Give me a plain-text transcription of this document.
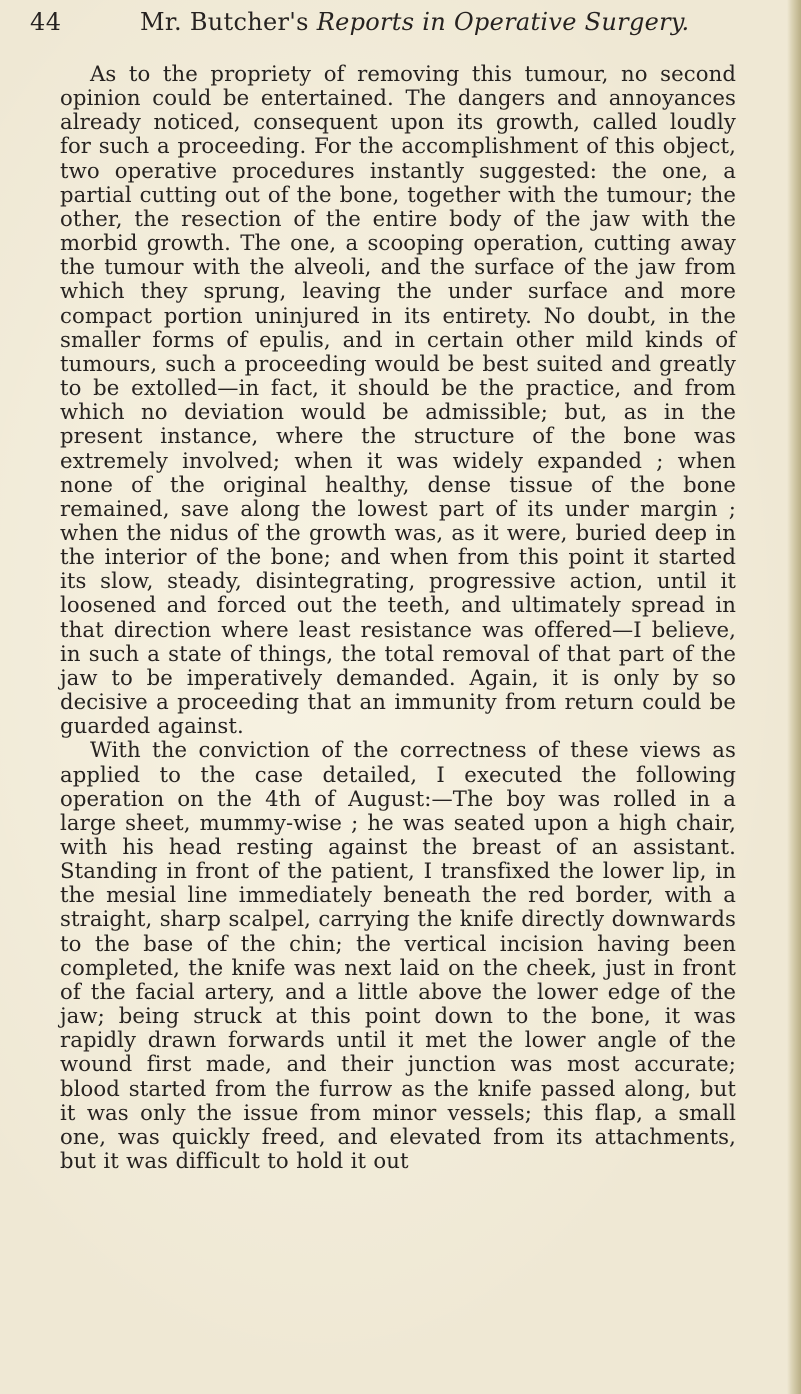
44	Mr. Butcher's Reports in Operative Surgery.

As to the propriety of removing this tumour, no second opinion could be entertained. The dangers and annoyances already noticed, consequent upon its growth, called loudly for such a proceeding. For the accomplishment of this object, two operative procedures instantly suggested: the one, a partial cutting out of the bone, together with the tumour; the other, the resection of the entire body of the jaw with the morbid growth. The one, a scooping operation, cutting away the tumour with the alveoli, and the surface of the jaw from which they sprung, leaving the under surface and more compact portion uninjured in its entirety. No doubt, in the smaller forms of epulis, and in certain other mild kinds of tumours, such a proceeding would be best suited and greatly to be extolled—in fact, it should be the practice, and from which no deviation would be admissible; but, as in the present instance, where the structure of the bone was extremely involved; when it was widely expanded ; when none of the original healthy, dense tissue of the bone remained, save along the lowest part of its under margin ; when the nidus of the growth was, as it were, buried deep in the interior of the bone; and when from this point it started its slow, steady, disintegrating, progressive action, until it loosened and forced out the teeth, and ultimately spread in that direction where least resistance was offered—I believe, in such a state of things, the total removal of that part of the jaw to be imperatively demanded. Again, it is only by so decisive a proceeding that an immunity from return could be guarded against.

With the conviction of the correctness of these views as applied to the case detailed, I executed the following operation on the 4th of August:—The boy was rolled in a large sheet, mummy-wise ; he was seated upon a high chair, with his head resting against the breast of an assistant. Standing in front of the patient, I transfixed the lower lip, in the mesial line immediately beneath the red border, with a straight, sharp scalpel, carrying the knife directly downwards to the base of the chin; the vertical incision having been completed, the knife was next laid on the cheek, just in front of the facial artery, and a little above the lower edge of the jaw; being struck at this point down to the bone, it was rapidly drawn forwards until it met the lower angle of the wound first made, and their junction was most accurate; blood started from the furrow as the knife passed along, but it was only the issue from minor vessels; this flap, a small one, was quickly freed, and elevated from its attachments, but it was difficult to hold it out
